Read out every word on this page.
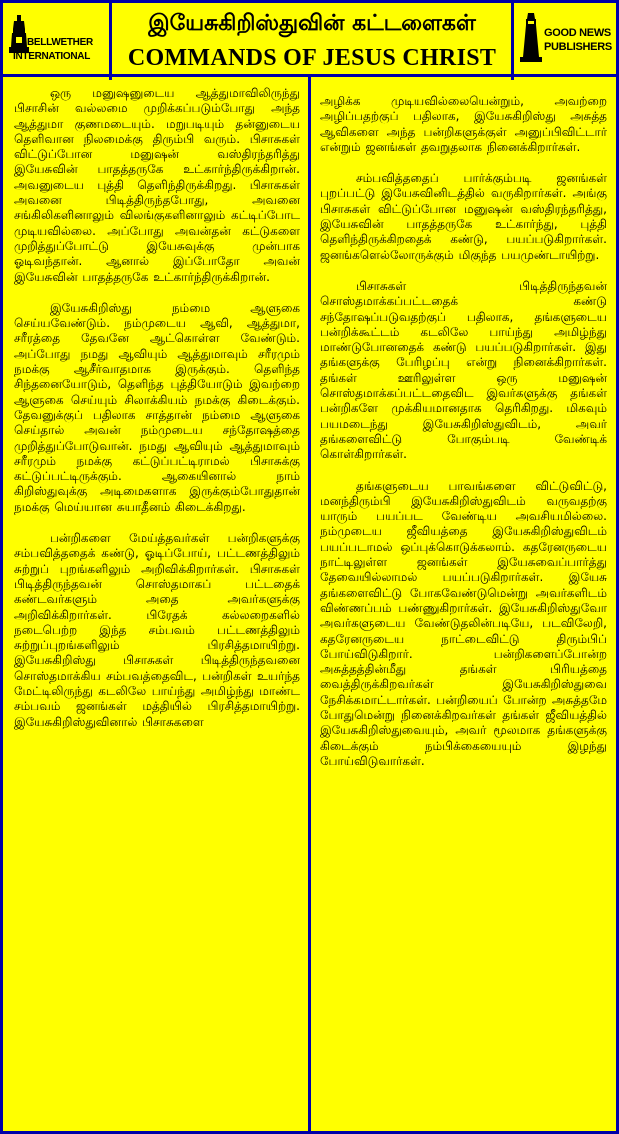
BELLWETHER
INTERNATIONAL
இயேசுகிறிஸ்துவின் கட்டளைகள்
COMMANDS OF JESUS CHRIST
GOOD NEWS
PUBLISHERS

ஒரு மனுஷனுடைய ஆத்துமாவிலிருந்து பிசாசின் வல்லமை முறிக்கப்படும்போது அந்த ஆத்துமா குணமடையும். மறுபடியும் தன்னுடைய தெளிவான நிலமைக்கு திரும்பி வரும். பிசாசுகள் விட்டுப்போன மனுஷன் வஸ்திரந்தரித்து இயேசுவின் பாதத்தருகே உட்கார்ந்திருக்கிறான். அவனுடைய புத்தி தெளிந்திருக்கிறது. பிசாசுகள் அவனை பிடித்திருந்தபோது, அவனை சங்கிலிகளினாலும் விலங்குகளினாலும் கட்டிப்போட முடியவில்லை. அப்போது அவன்தன் கட்டுகளை முறித்துப்போட்டு இயேசுவுக்கு முன்பாக ஓடிவந்தான். ஆனால் இப்போதோ அவன் இயேசுவின் பாதத்தருகே உட்கார்ந்திருக்கிறான்.

இயேசுகிறிஸ்து நம்மை ஆளுகை செய்யவேண்டும். நம்முடைய ஆவி, ஆத்துமா, சரீரத்தை தேவனே ஆட்கொள்ள வேண்டும். அப்போது நமது ஆவியும் ஆத்துமாவும் சரீரமும் நமக்கு ஆசீர்வாதமாக இருக்கும். தெளிந்த சிந்தனையோடும், தெளிந்த புத்தியோடும் இவற்றை ஆளுகை செய்யும் சிலாக்கியம் நமக்கு கிடைக்கும். தேவனுக்குப் பதிலாக சாத்தான் நம்மை ஆளுகை செய்தால் அவன் நம்முடைய சந்தோஷத்தை முறித்துப்போடுவான். நமது ஆவியும் ஆத்துமாவும் சரீரமும் நமக்கு கட்டுப்பட்டிராமல் பிசாசுக்கு கட்டுப்பட்டிருக்கும். ஆகையினால் நாம் கிறிஸ்துவுக்கு அடிமைகளாக இருக்கும்போதுதான் நமக்கு மெய்யான சுயாதீனம் கிடைக்கிறது.

பன்றிகளை மேய்த்தவர்கள் பன்றிகளுக்கு சம்பவித்ததைக் கண்டு, ஓடிப்போய், பட்டணத்திலும் சுற்றுப் புறங்களிலும் அறிவிக்கிறார்கள். பிசாசுகள் பிடித்திருந்தவன் சொஸ்தமாகப் பட்டதைக் கண்டவர்களும் அதை அவர்களுக்கு அறிவிக்கிறார்கள். பிரேதக் கல்லறைகளில் நடைபெற்ற இந்த சம்பவம் பட்டணத்திலும் சுற்றுப்புறங்களிலும் பிரசித்தமாயிற்று. இயேசுகிறிஸ்து பிசாசுகள் பிடித்திருந்தவனை சொஸ்தமாக்கிய சம்பவத்தைவிட, பன்றிகள் உயர்ந்த மேட்டிலிருந்து கடலிலே பாய்ந்து அமிழ்ந்து மாண்ட சம்பவம் ஜனங்கள் மத்தியில் பிரசித்தமாயிற்று. இயேசுகிறிஸ்துவினால் பிசாசுகளை

அழிக்க முடியவில்லையென்றும், அவற்றை அழிப்பதற்குப் பதிலாக, இயேசுகிறிஸ்து அசுத்த ஆவிகளை அந்த பன்றிகளுக்குள் அனுப்பிவிட்டார் என்றும் ஜனங்கள் தவறுதலாக நினைக்கிறார்கள்.

சம்பவித்ததைப் பார்க்கும்படி ஜனங்கள் புறப்பட்டு இயேசுவினிடத்தில் வருகிறார்கள். அங்கு பிசாசுகள் விட்டுப்போன மனுஷன் வஸ்திரந்தரித்து, இயேசுவின் பாதத்தருகே உட்கார்ந்து, புத்தி தெளிந்திருக்கிறதைக் கண்டு, பயப்படுகிறார்கள். ஜனங்களெல்லோருக்கும் மிகுந்த பயமுண்டாயிற்று.

பிசாசுகள் பிடித்திருந்தவன் சொஸ்தமாக்கப்பட்டதைக் கண்டு சந்தோஷப்படுவதற்குப் பதிலாக, தங்களுடைய பன்றிக்கூட்டம் கடலிலே பாய்ந்து அமிழ்ந்து மாண்டுபோனதைக் கண்டு பயப்படுகிறார்கள். இது தங்களுக்கு பேரிழப்பு என்று நினைக்கிறார்கள். தங்கள் ஊரிலுள்ள ஒரு மனுஷன் சொஸ்தமாக்கப்பட்டதைவிட இவர்களுக்கு தங்கள் பன்றிகளே முக்கியமானதாக தெரிகிறது. மிகவும் பயமடைந்து இயேசுகிறிஸ்துவிடம், அவர் தங்களைவிட்டு போகும்படி வேண்டிக் கொள்கிறார்கள்.

தங்களுடைய பாவங்களை விட்டுவிட்டு, மனந்திரும்பி இயேசுகிறிஸ்துவிடம் வருவதற்கு யாரும் பயப்பட வேண்டிய அவசியமில்லை. நம்முடைய ஜீவியத்தை இயேசுகிறிஸ்துவிடம் பயப்படாமல் ஒப்புக்கொடுக்கலாம். கதரேனருடைய நாட்டிலுள்ள ஜனங்கள் இயேசுவைப்பார்த்து தேவையில்லாமல் பயப்படுகிறார்கள். இயேசு தங்களைவிட்டு போகவேண்டுமென்று அவர்களிடம் விண்ணப்பம் பண்ணுகிறார்கள். இயேசுகிறிஸ்துவோ அவர்களுடைய வேண்டுதலின்படியே, படவிலேறி, கதரேனருடைய நாட்டைவிட்டு திரும்பிப் போய்விடுகிறார். பன்றிகளைப்போன்ற அசுத்தத்தின்மீது தங்கள் பிரியத்தை வைத்திருக்கிறவர்கள் இயேசுகிறிஸ்துவை நேசிக்கமாட்டார்கள். பன்றியைப் போன்ற அசுத்தமே போதுமென்று நினைக்கிறவர்கள் தங்கள் ஜீவியத்தில் இயேசுகிறிஸ்துவையும், அவர் மூலமாக தங்களுக்கு கிடைக்கும் நம்பிக்கையையும் இழந்து போய்விடுவார்கள்.
